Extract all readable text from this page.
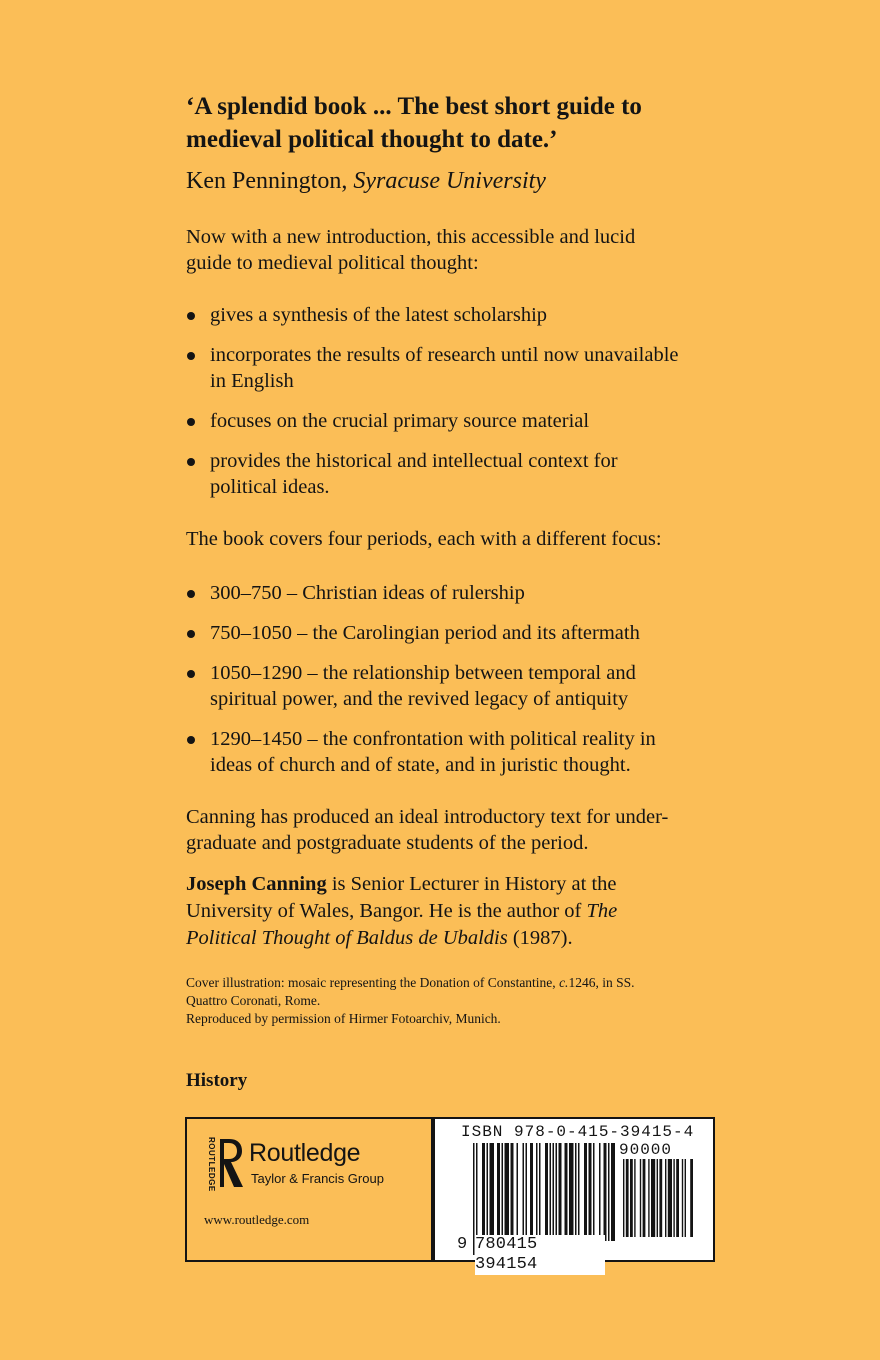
‘A splendid book ... The best short guide to
medieval political thought to date.’
Ken Pennington, Syracuse University
Now with a new introduction, this accessible and lucid
guide to medieval political thought:
gives a synthesis of the latest scholarship
incorporates the results of research until now unavailable
in English
focuses on the crucial primary source material
provides the historical and intellectual context for
political ideas.
The book covers four periods, each with a different focus:
300–750 – Christian ideas of rulership
750–1050 – the Carolingian period and its aftermath
1050–1290 – the relationship between temporal and
spiritual power, and the revived legacy of antiquity
1290–1450 – the confrontation with political reality in
ideas of church and of state, and in juristic thought.
Canning has produced an ideal introductory text for under-
graduate and postgraduate students of the period.
Joseph Canning is Senior Lecturer in History at the
University of Wales, Bangor. He is the author of The
Political Thought of Baldus de Ubaldis (1987).
Cover illustration: mosaic representing the Donation of Constantine, c.1246, in SS.
Quattro Coronati, Rome.
Reproduced by permission of Hirmer Fotoarchiv, Munich.
History
ROUTLEDGE Routledge
Taylor & Francis Group
www.routledge.com
ISBN 978-0-415-39415-4
90000
9 780415 394154
